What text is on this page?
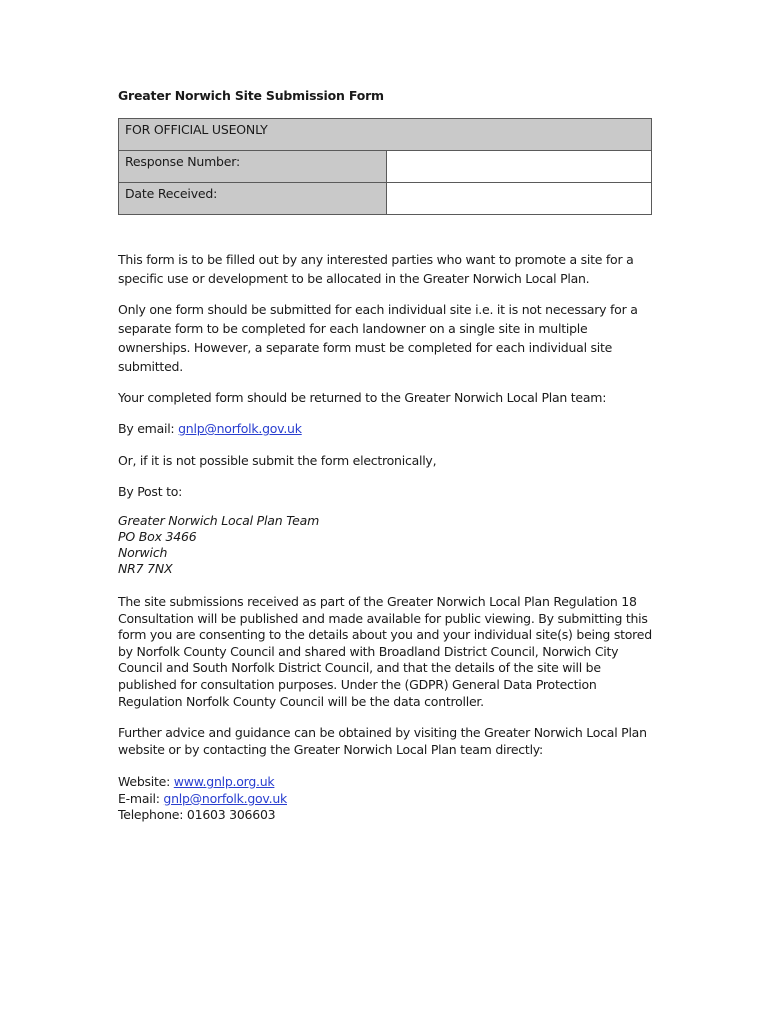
Greater Norwich Site Submission Form
FOR OFFICIAL USEONLY	
Response Number:	
Date Received:	

This form is to be filled out by any interested parties who want to promote a site for a specific use or development to be allocated in the Greater Norwich Local Plan.

Only one form should be submitted for each individual site i.e. it is not necessary for a separate form to be completed for each landowner on a single site in multiple ownerships. However, a separate form must be completed for each individual site submitted.

Your completed form should be returned to the Greater Norwich Local Plan team:

By email: gnlp@norfolk.gov.uk

Or, if it is not possible submit the form electronically,

By Post to:

Greater Norwich Local Plan Team
PO Box 3466
Norwich
NR7 7NX

The site submissions received as part of the Greater Norwich Local Plan Regulation 18 Consultation will be published and made available for public viewing. By submitting this form you are consenting to the details about you and your individual site(s) being stored by Norfolk County Council and shared with Broadland District Council, Norwich City Council and South Norfolk District Council, and that the details of the site will be published for consultation purposes. Under the (GDPR) General Data Protection Regulation Norfolk County Council will be the data controller.

Further advice and guidance can be obtained by visiting the Greater Norwich Local Plan website or by contacting the Greater Norwich Local Plan team directly:

Website: www.gnlp.org.uk
E-mail: gnlp@norfolk.gov.uk
Telephone: 01603 306603
